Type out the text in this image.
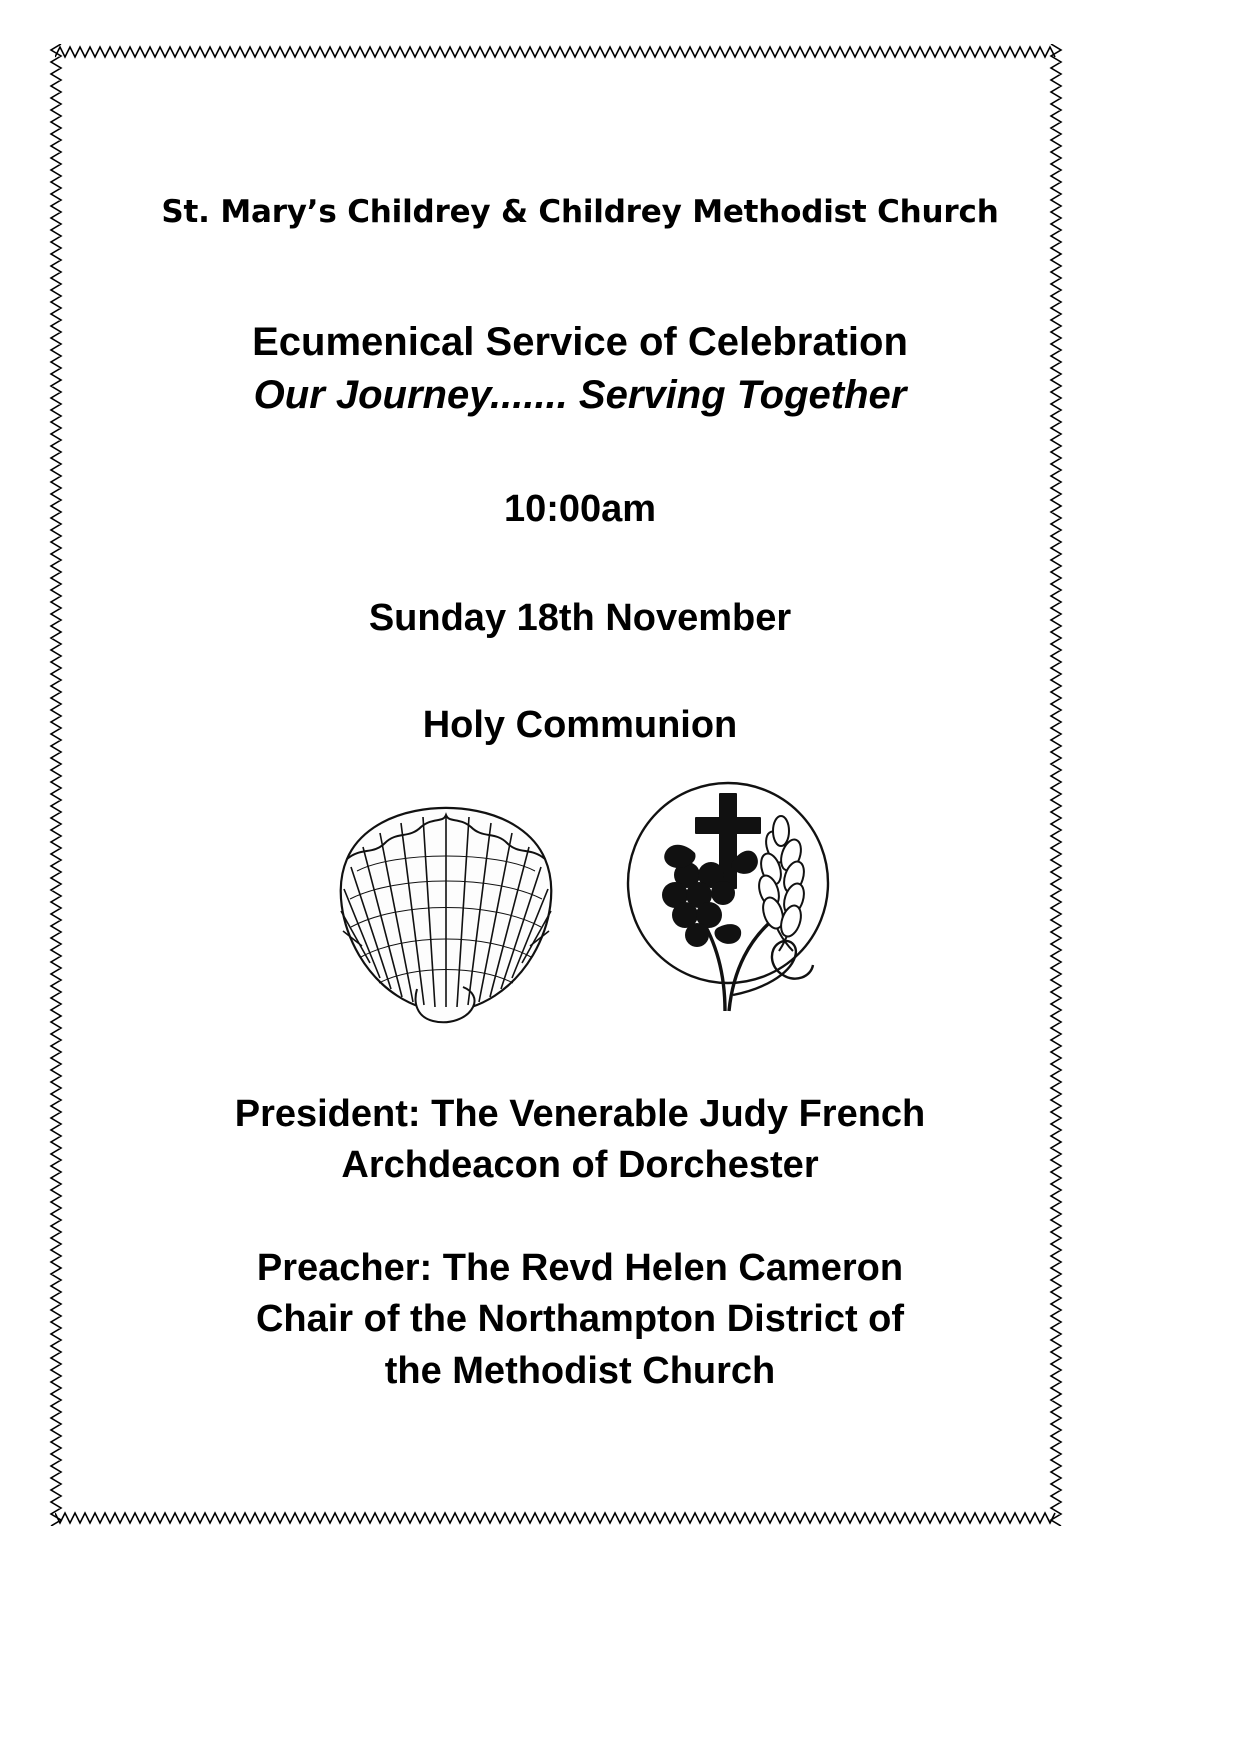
St. Mary’s Childrey & Childrey Methodist Church
Ecumenical Service of Celebration
Our Journey....... Serving Together
10:00am
Sunday 18th November
Holy Communion
President: The Venerable Judy French
Archdeacon of Dorchester
Preacher: The Revd Helen Cameron
Chair of the Northampton District of
the Methodist Church
